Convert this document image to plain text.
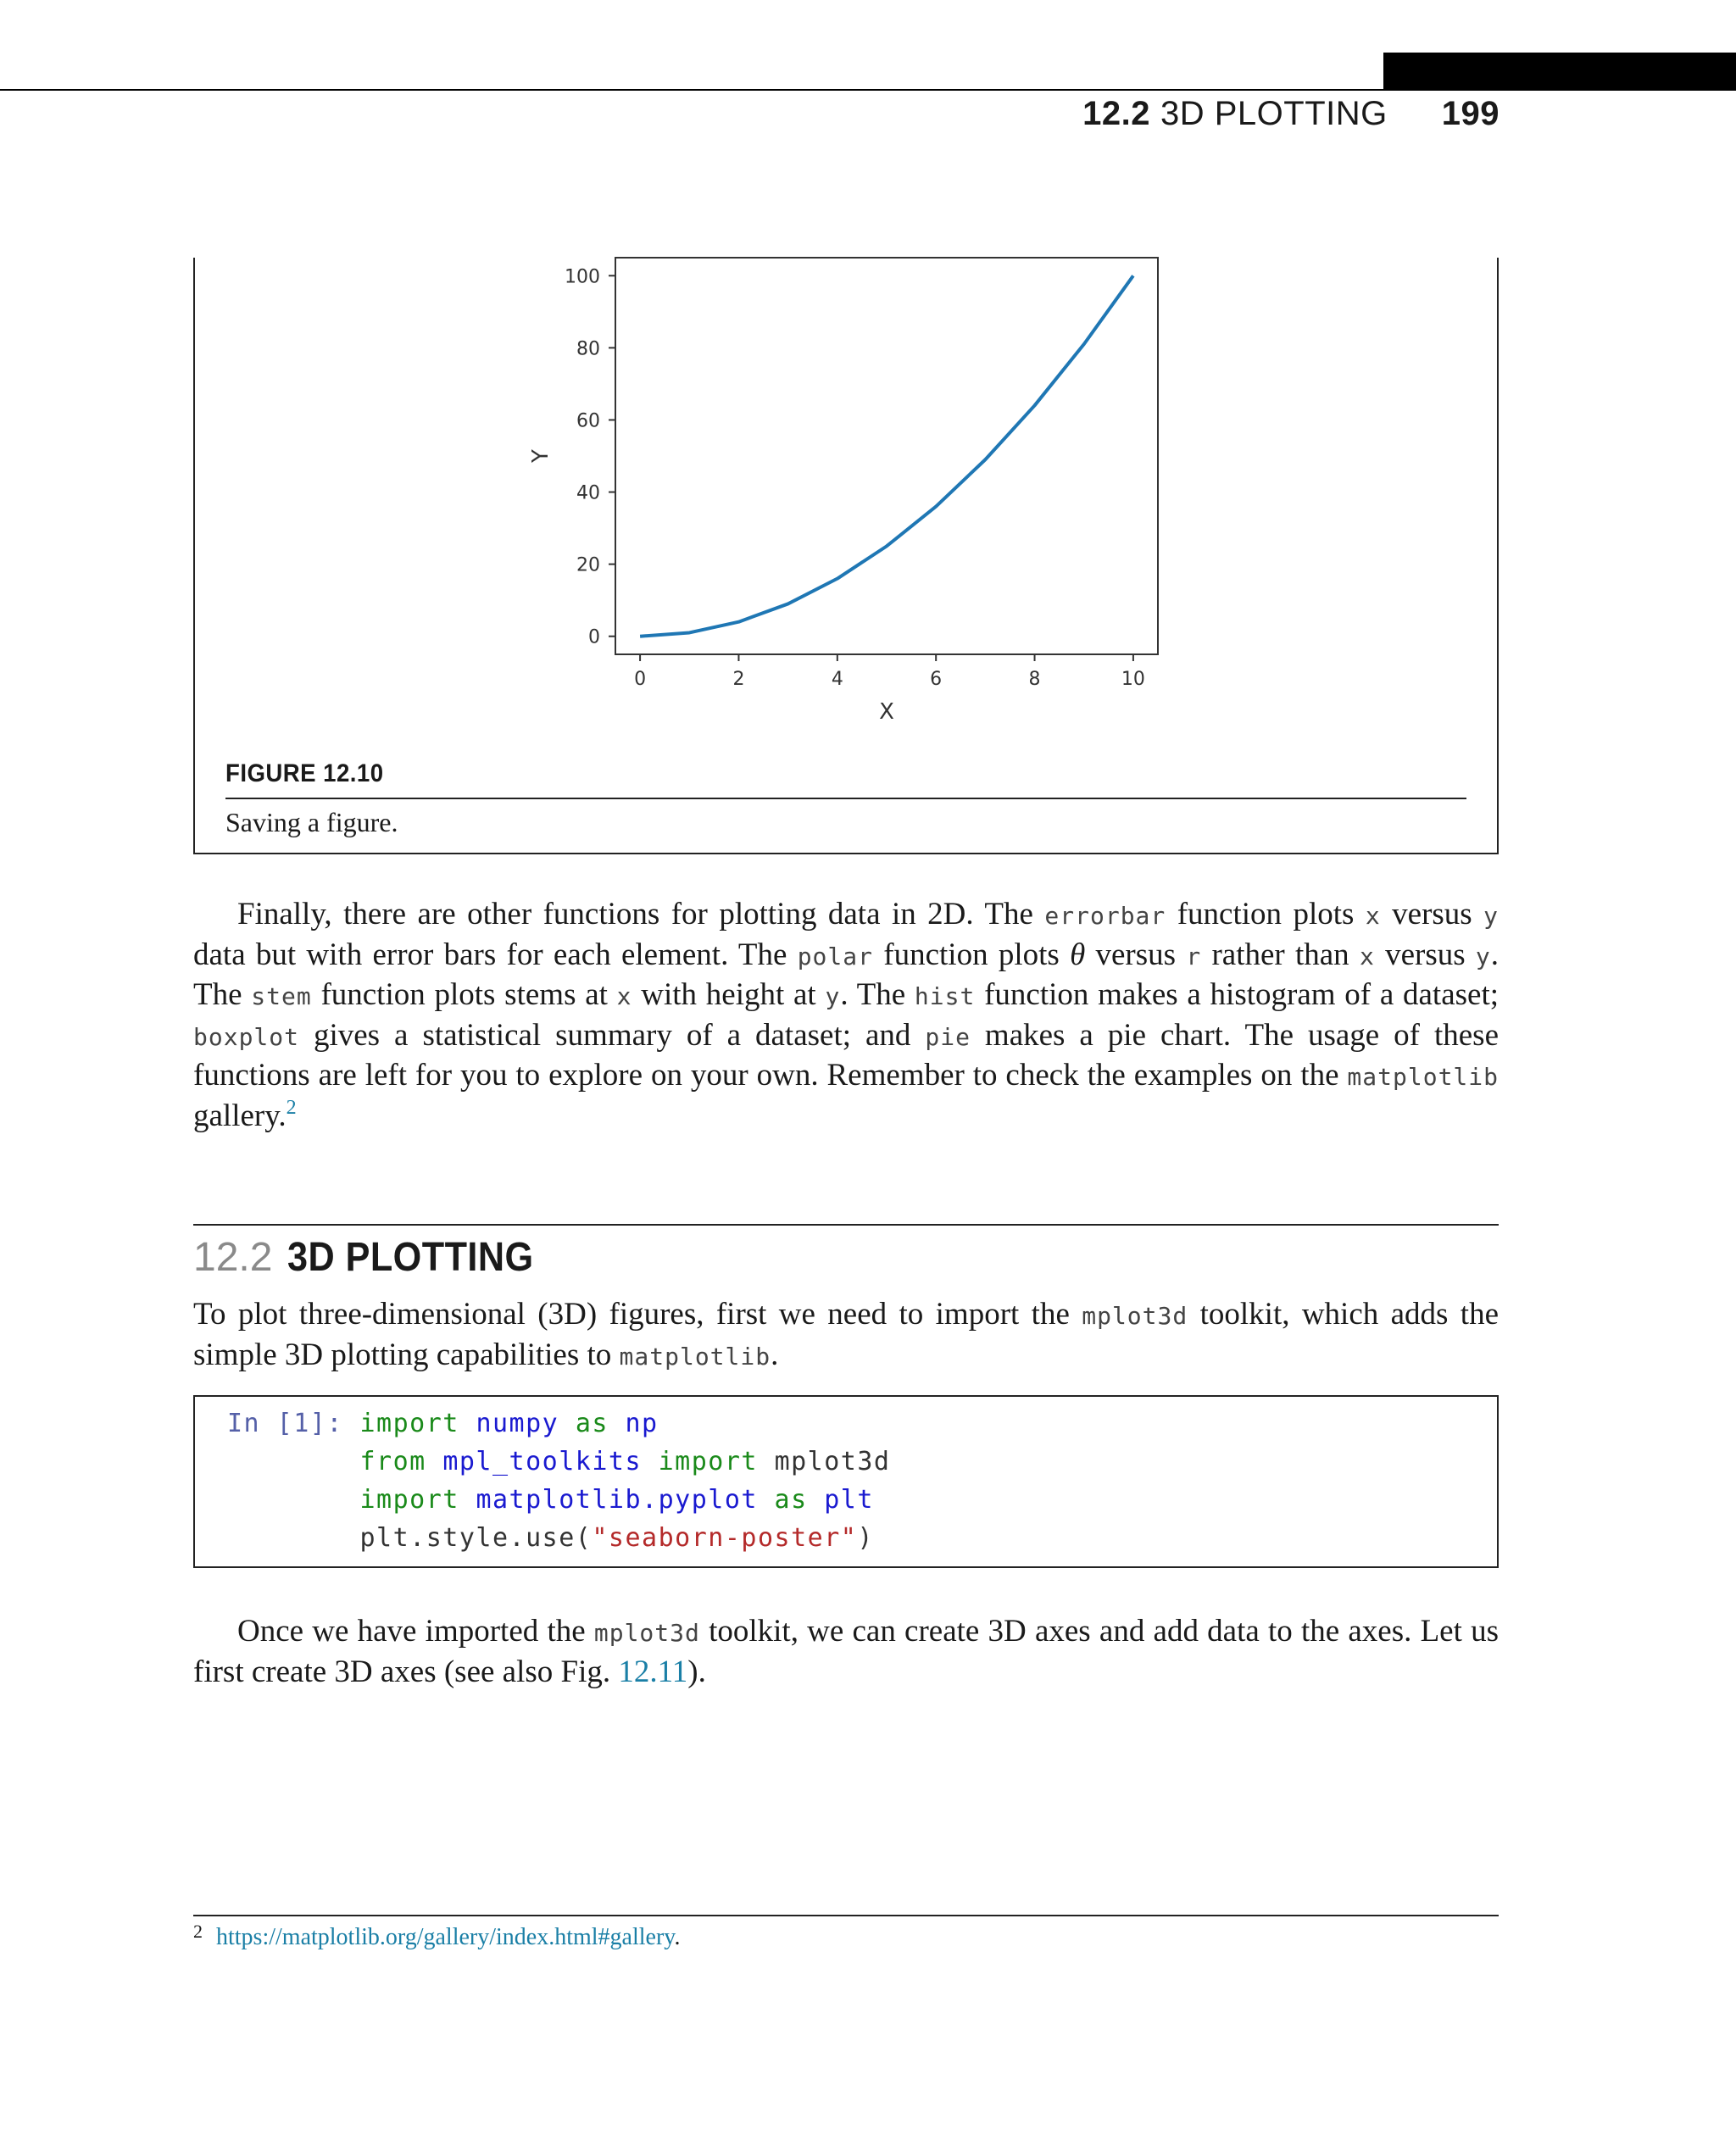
12.2 3D PLOTTING 199
0	2	4	6	8	10
0
20
40
60
80
100
X
Y
FIGURE 12.10
Saving a figure.
Finally, there are other functions for plotting data in 2D. The errorbar function plots x versus y data but with error bars for each element. The polar function plots θ versus r rather than x versus y. The stem function plots stems at x with height at y. The hist function makes a histogram of a dataset; boxplot gives a statistical summary of a dataset; and pie makes a pie chart. The usage of these functions are left for you to explore on your own. Remember to check the examples on the matplotlib gallery.$^2$
12.2 3D PLOTTING
To plot three-dimensional (3D) figures, first we need to import the mplot3d toolkit, which adds the simple 3D plotting capabilities to matplotlib.
In [1]: import numpy as np
from mpl_toolkits import mplot3d
import matplotlib.pyplot as plt
plt.style.use("seaborn-poster")
Once we have imported the mplot3d toolkit, we can create 3D axes and add data to the axes. Let us first create 3D axes (see also Fig. 12.11).
$^2$ https://matplotlib.org/gallery/index.html#gallery.
